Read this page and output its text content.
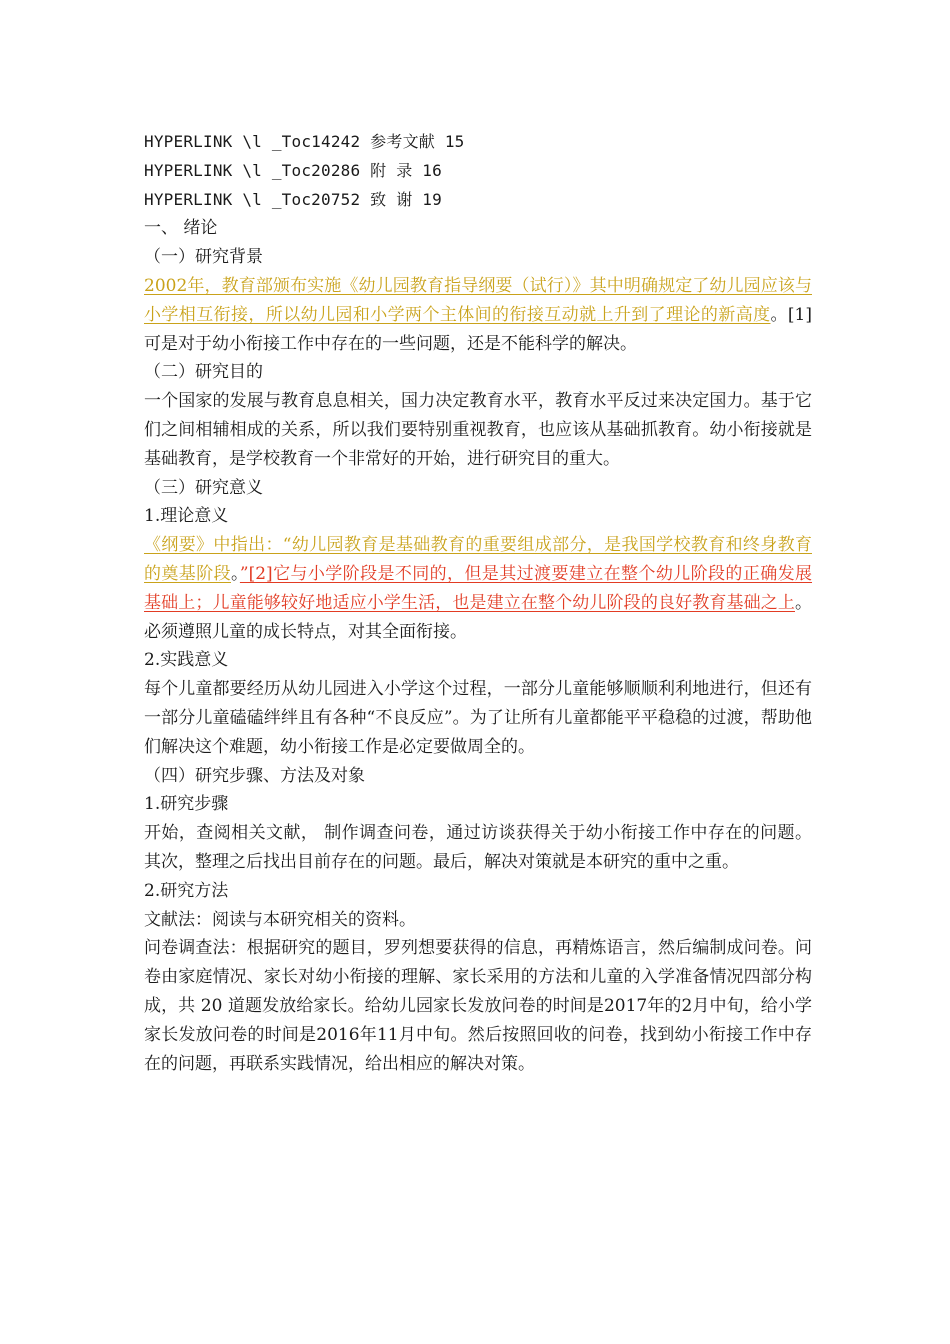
HYPERLINK \l _Toc14242 参考文献 15
HYPERLINK \l _Toc20286 附 录 16
HYPERLINK \l _Toc20752 致 谢 19
一、 绪论
（一）研究背景

2002年，教育部颁布实施《幼儿园教育指导纲要（试行）》其中明确规定了幼儿园应该与小学相互衔接，所以幼儿园和小学两个主体间的衔接互动就上升到了理论的新高度。[1]可是对于幼小衔接工作中存在的一些问题，还是不能科学的解决。

（二）研究目的

一个国家的发展与教育息息相关，国力决定教育水平，教育水平反过来决定国力。基于它们之间相辅相成的关系，所以我们要特别重视教育，也应该从基础抓教育。幼小衔接就是基础教育，是学校教育一个非常好的开始，进行研究目的重大。

（三）研究意义
1.理论意义

《纲要》中指出：“幼儿园教育是基础教育的重要组成部分，是我国学校教育和终身教育的奠基阶段。”[2]它与小学阶段是不同的，但是其过渡要建立在整个幼儿阶段的正确发展基础上；儿童能够较好地适应小学生活，也是建立在整个幼儿阶段的良好教育基础之上。必须遵照儿童的成长特点，对其全面衔接。

2.实践意义

每个儿童都要经历从幼儿园进入小学这个过程，一部分儿童能够顺顺利利地进行，但还有一部分儿童磕磕绊绊且有各种“不良反应”。为了让所有儿童都能平平稳稳的过渡，帮助他们解决这个难题，幼小衔接工作是必定要做周全的。

（四）研究步骤、方法及对象
1.研究步骤

开始，查阅相关文献， 制作调查问卷，通过访谈获得关于幼小衔接工作中存在的问题。其次，整理之后找出目前存在的问题。最后，解决对策就是本研究的重中之重。

2.研究方法

文献法：阅读与本研究相关的资料。

问卷调查法：根据研究的题目，罗列想要获得的信息，再精炼语言，然后编制成问卷。问卷由家庭情况、家长对幼小衔接的理解、家长采用的方法和儿童的入学准备情况四部分构成，共 20 道题发放给家长。给幼儿园家长发放问卷的时间是2017年的2月中旬，给小学家长发放问卷的时间是2016年11月中旬。然后按照回收的问卷，找到幼小衔接工作中存在的问题，再联系实践情况，给出相应的解决对策。
